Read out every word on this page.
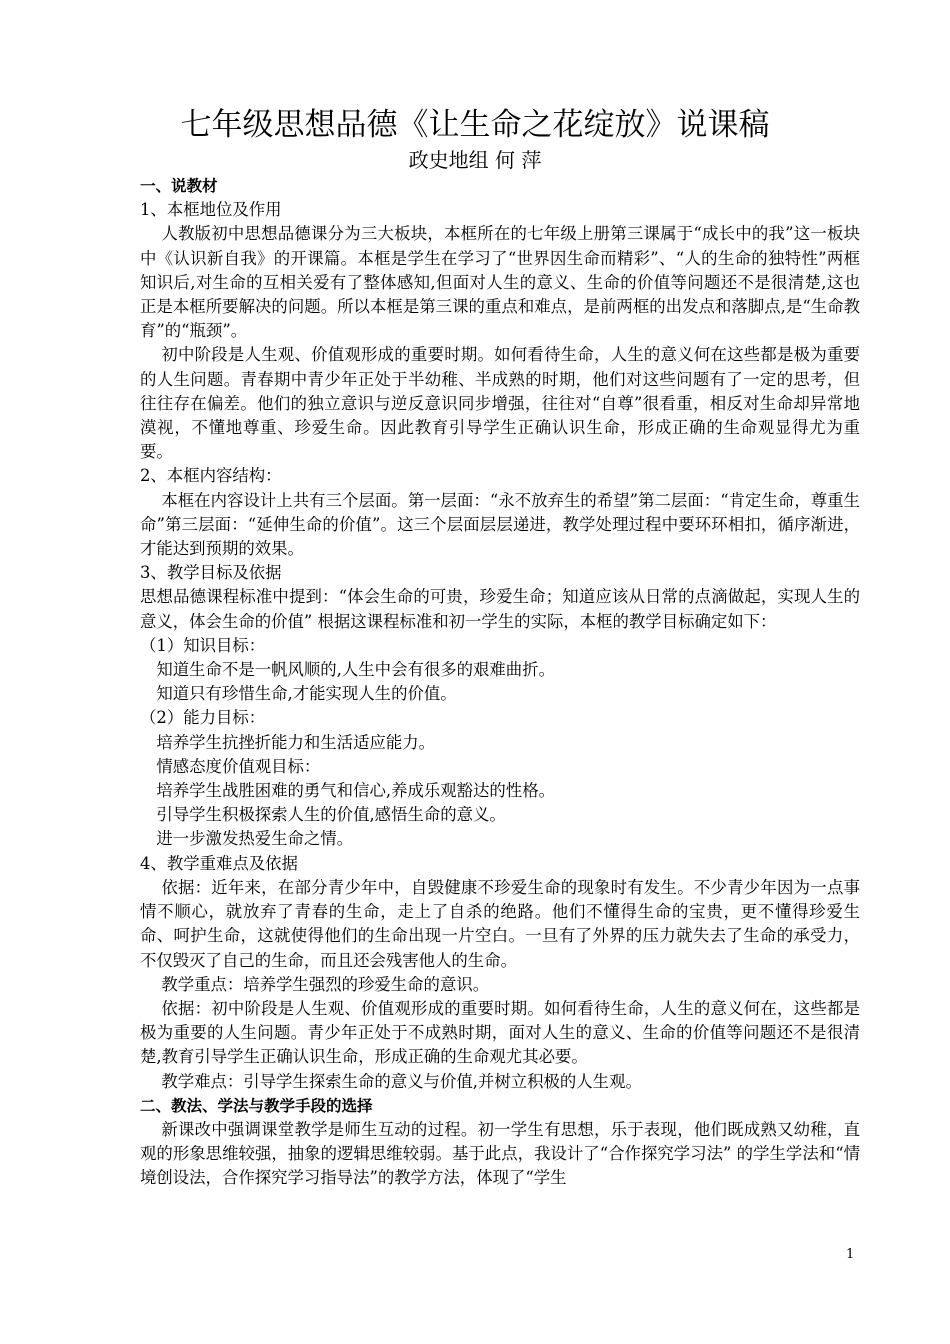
七年级思想品德《让生命之花绽放》说课稿
政史地组 何 萍

一、说教材

1、本框地位及作用

人教版初中思想品德课分为三大板块，本框所在的七年级上册第三课属于“成长中的我”这一板块中《认识新自我》的开课篇。本框是学生在学习了“世界因生命而精彩”、“人的生命的独特性”两框知识后,对生命的互相关爱有了整体感知,但面对人生的意义、生命的价值等问题还不是很清楚,这也正是本框所要解决的问题。所以本框是第三课的重点和难点，是前两框的出发点和落脚点,是“生命教育”的“瓶颈”。

初中阶段是人生观、价值观形成的重要时期。如何看待生命，人生的意义何在这些都是极为重要的人生问题。青春期中青少年正处于半幼稚、半成熟的时期，他们对这些问题有了一定的思考，但往往存在偏差。他们的独立意识与逆反意识同步增强，往往对“自尊”很看重，相反对生命却异常地漠视，不懂地尊重、珍爱生命。因此教育引导学生正确认识生命，形成正确的生命观显得尤为重要。

2、本框内容结构：

本框在内容设计上共有三个层面。第一层面：“永不放弃生的希望”第二层面：“肯定生命，尊重生命”第三层面：“延伸生命的价值”。这三个层面层层递进，教学处理过程中要环环相扣，循序渐进，才能达到预期的效果。

3、教学目标及依据

思想品德课程标准中提到：“体会生命的可贵，珍爱生命；知道应该从日常的点滴做起，实现人生的意义，体会生命的价值” 根据这课程标准和初一学生的实际，本框的教学目标确定如下：

（1）知识目标：

知道生命不是一帆风顺的,人生中会有很多的艰难曲折。

知道只有珍惜生命,才能实现人生的价值。

（2）能力目标：

培养学生抗挫折能力和生活适应能力。

情感态度价值观目标：

培养学生战胜困难的勇气和信心,养成乐观豁达的性格。

引导学生积极探索人生的价值,感悟生命的意义。

进一步激发热爱生命之情。

4、教学重难点及依据

依据：近年来，在部分青少年中，自毁健康不珍爱生命的现象时有发生。不少青少年因为一点事情不顺心，就放弃了青春的生命，走上了自杀的绝路。他们不懂得生命的宝贵，更不懂得珍爱生命、呵护生命，这就使得他们的生命出现一片空白。一旦有了外界的压力就失去了生命的承受力，不仅毁灭了自己的生命，而且还会残害他人的生命。

教学重点：培养学生强烈的珍爱生命的意识。

依据：初中阶段是人生观、价值观形成的重要时期。如何看待生命，人生的意义何在，这些都是极为重要的人生问题。青少年正处于不成熟时期，面对人生的意义、生命的价值等问题还不是很清楚,教育引导学生正确认识生命，形成正确的生命观尤其必要。

教学难点：引导学生探索生命的意义与价值,并树立积极的人生观。

二、教法、学法与教学手段的选择

新课改中强调课堂教学是师生互动的过程。初一学生有思想，乐于表现，他们既成熟又幼稚，直观的形象思维较强，抽象的逻辑思维较弱。基于此点，我设计了“合作探究学习法” 的学生学法和“情境创设法，合作探究学习指导法”的教学方法，体现了“学生

1
